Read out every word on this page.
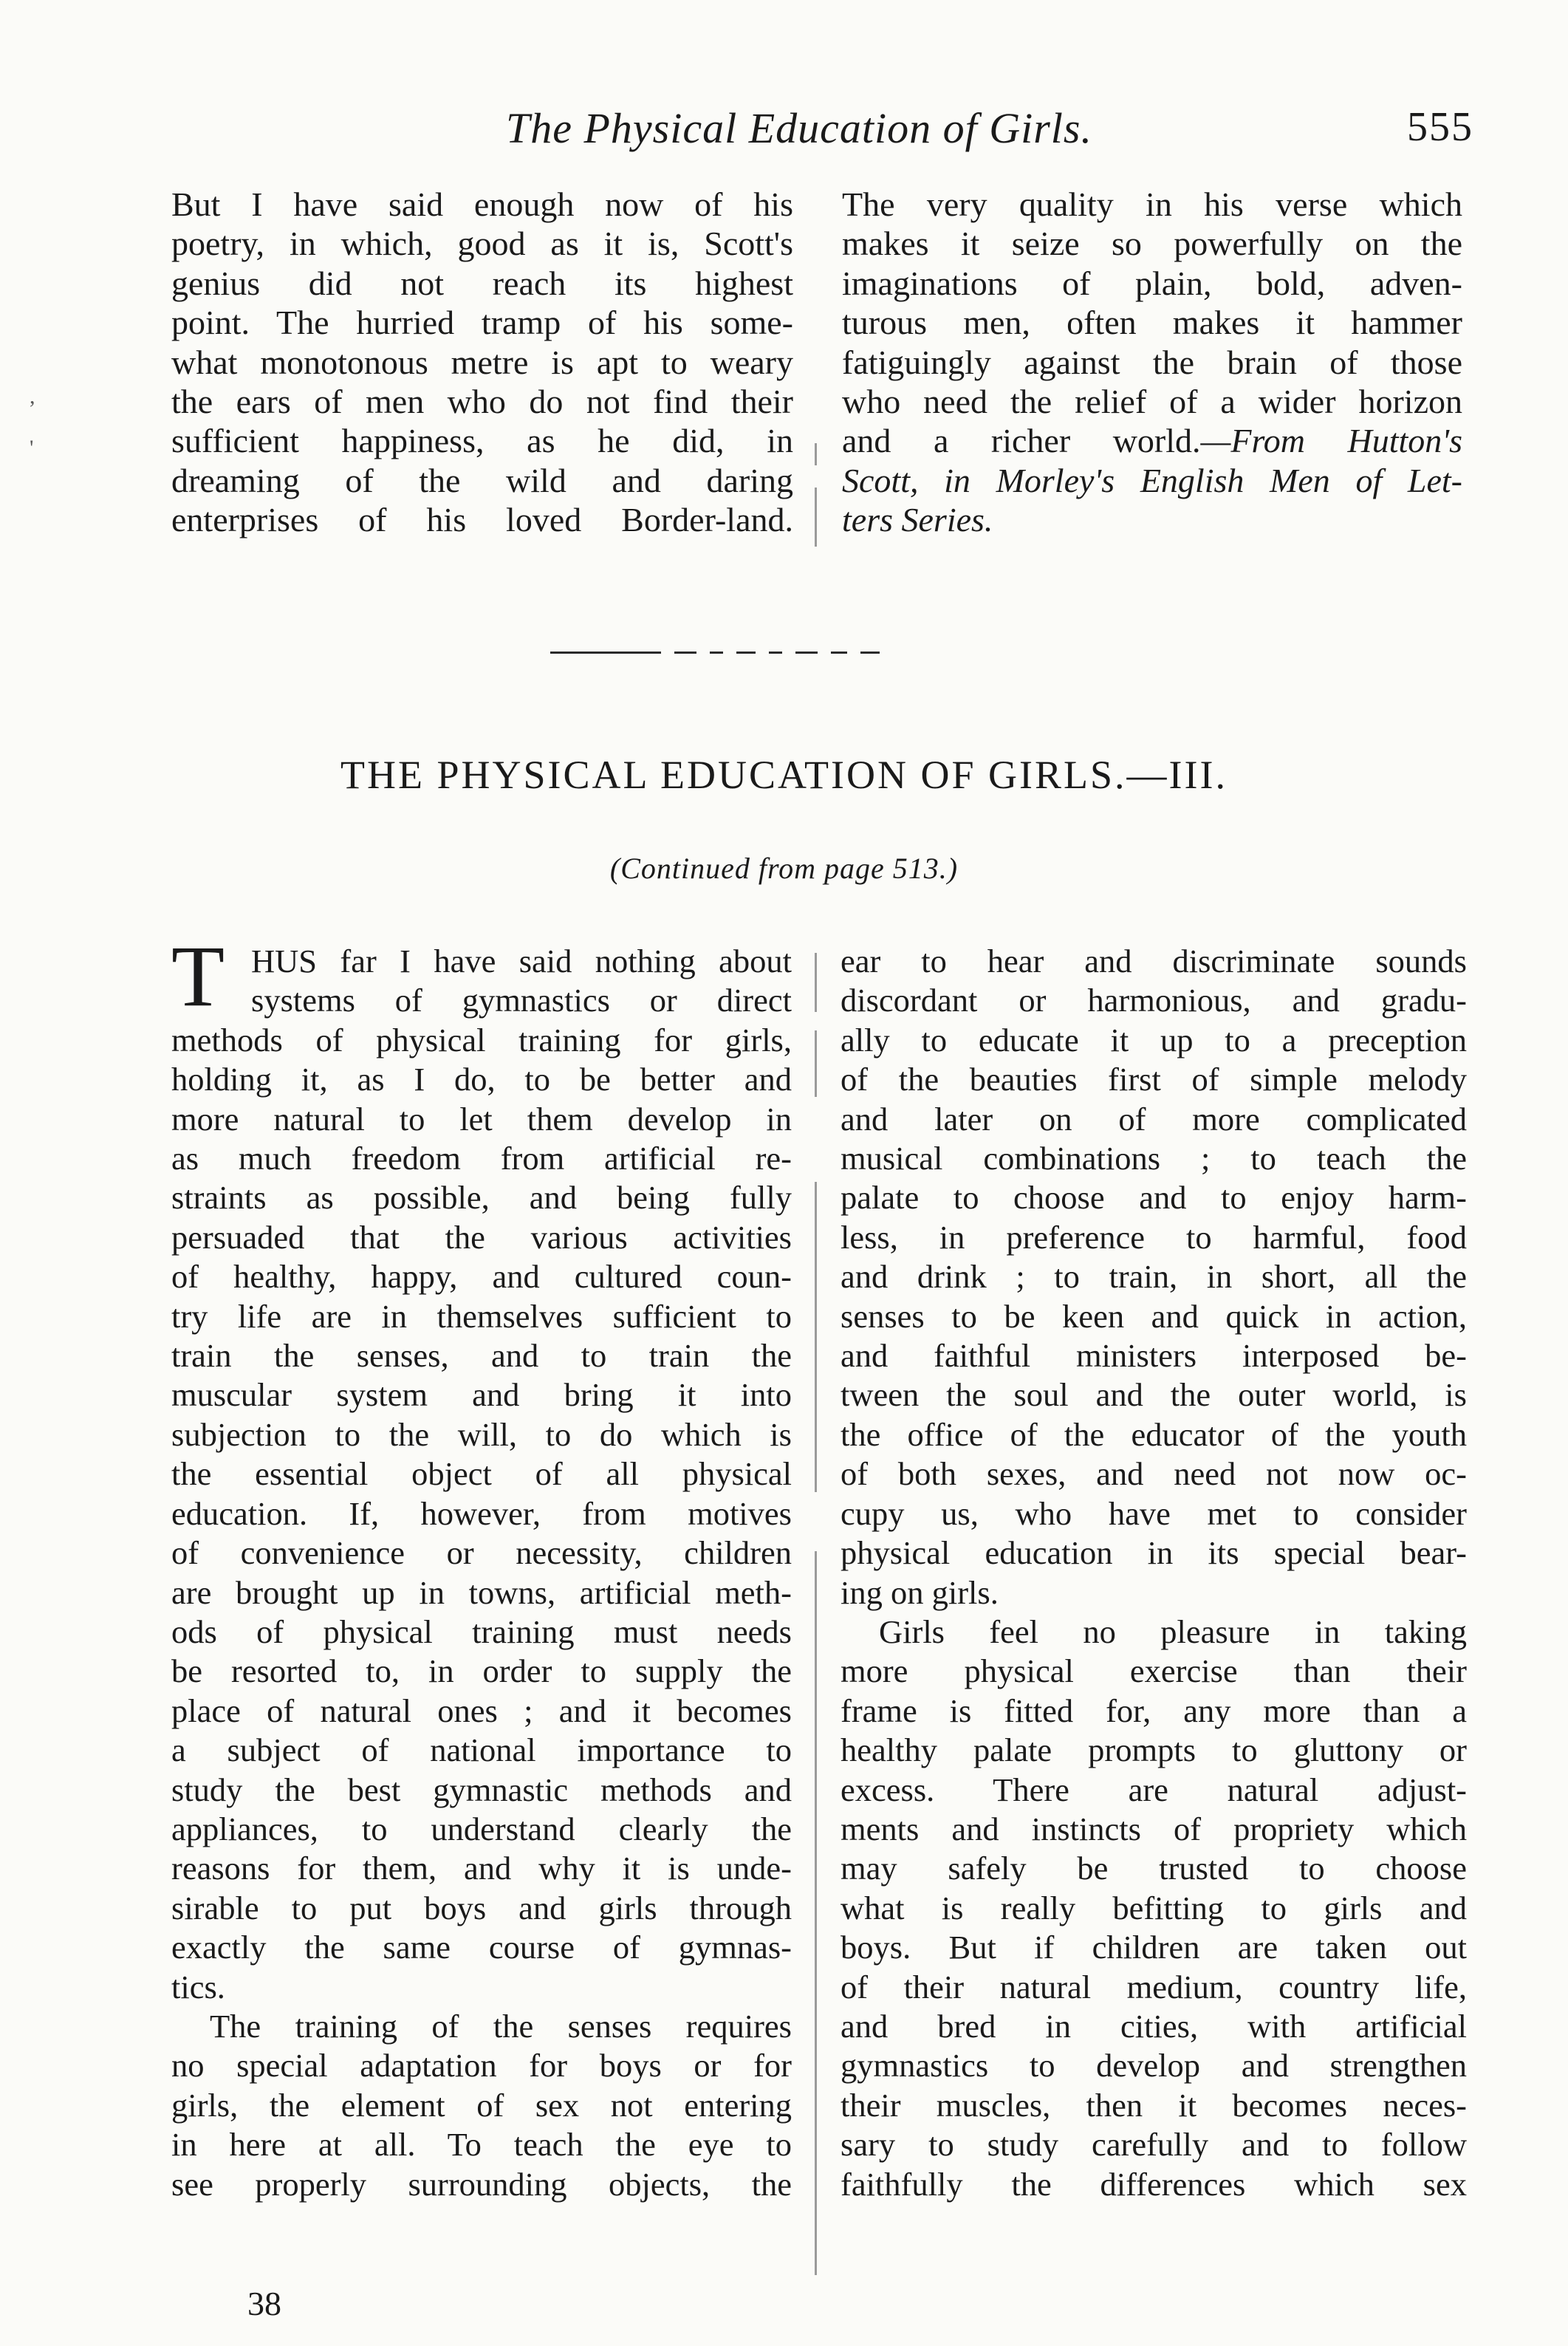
The Physical Education of Girls.	555
But I have said enough now of his
poetry, in which, good as it is, Scott's
genius did not reach its highest
point. The hurried tramp of his some-
what monotonous metre is apt to weary
the ears of men who do not find their
sufficient happiness, as he did, in
dreaming of the wild and daring
enterprises of his loved Border-land.
The very quality in his verse which
makes it seize so powerfully on the
imaginations of plain, bold, adven-
turous men, often makes it hammer
fatiguingly against the brain of those
who need the relief of a wider horizon
and a richer world.—From Hutton's
Scott, in Morley's English Men of Let-
ters Series.
THE PHYSICAL EDUCATION OF GIRLS.—III.
(Continued from page 513.)
T HUS far I have said nothing about
systems of gymnastics or direct
methods of physical training for girls,
holding it, as I do, to be better and
more natural to let them develop in
as much freedom from artificial re-
straints as possible, and being fully
persuaded that the various activities
of healthy, happy, and cultured coun-
try life are in themselves sufficient to
train the senses, and to train the
muscular system and bring it into
subjection to the will, to do which is
the essential object of all physical
education. If, however, from motives
of convenience or necessity, children
are brought up in towns, artificial meth-
ods of physical training must needs
be resorted to, in order to supply the
place of natural ones ; and it becomes
a subject of national importance to
study the best gymnastic methods and
appliances, to understand clearly the
reasons for them, and why it is unde-
sirable to put boys and girls through
exactly the same course of gymnas-
tics.
The training of the senses requires
no special adaptation for boys or for
girls, the element of sex not entering
in here at all. To teach the eye to
see properly surrounding objects, the
ear to hear and discriminate sounds
discordant or harmonious, and gradu-
ally to educate it up to a preception
of the beauties first of simple melody
and later on of more complicated
musical combinations ; to teach the
palate to choose and to enjoy harm-
less, in preference to harmful, food
and drink ; to train, in short, all the
senses to be keen and quick in action,
and faithful ministers interposed be-
tween the soul and the outer world, is
the office of the educator of the youth
of both sexes, and need not now oc-
cupy us, who have met to consider
physical education in its special bear-
ing on girls.
Girls feel no pleasure in taking
more physical exercise than their
frame is fitted for, any more than a
healthy palate prompts to gluttony or
excess. There are natural adjust-
ments and instincts of propriety which
may safely be trusted to choose
what is really befitting to girls and
boys. But if children are taken out
of their natural medium, country life,
and bred in cities, with artificial
gymnastics to develop and strengthen
their muscles, then it becomes neces-
sary to study carefully and to follow
faithfully the differences which sex
38
,
'
